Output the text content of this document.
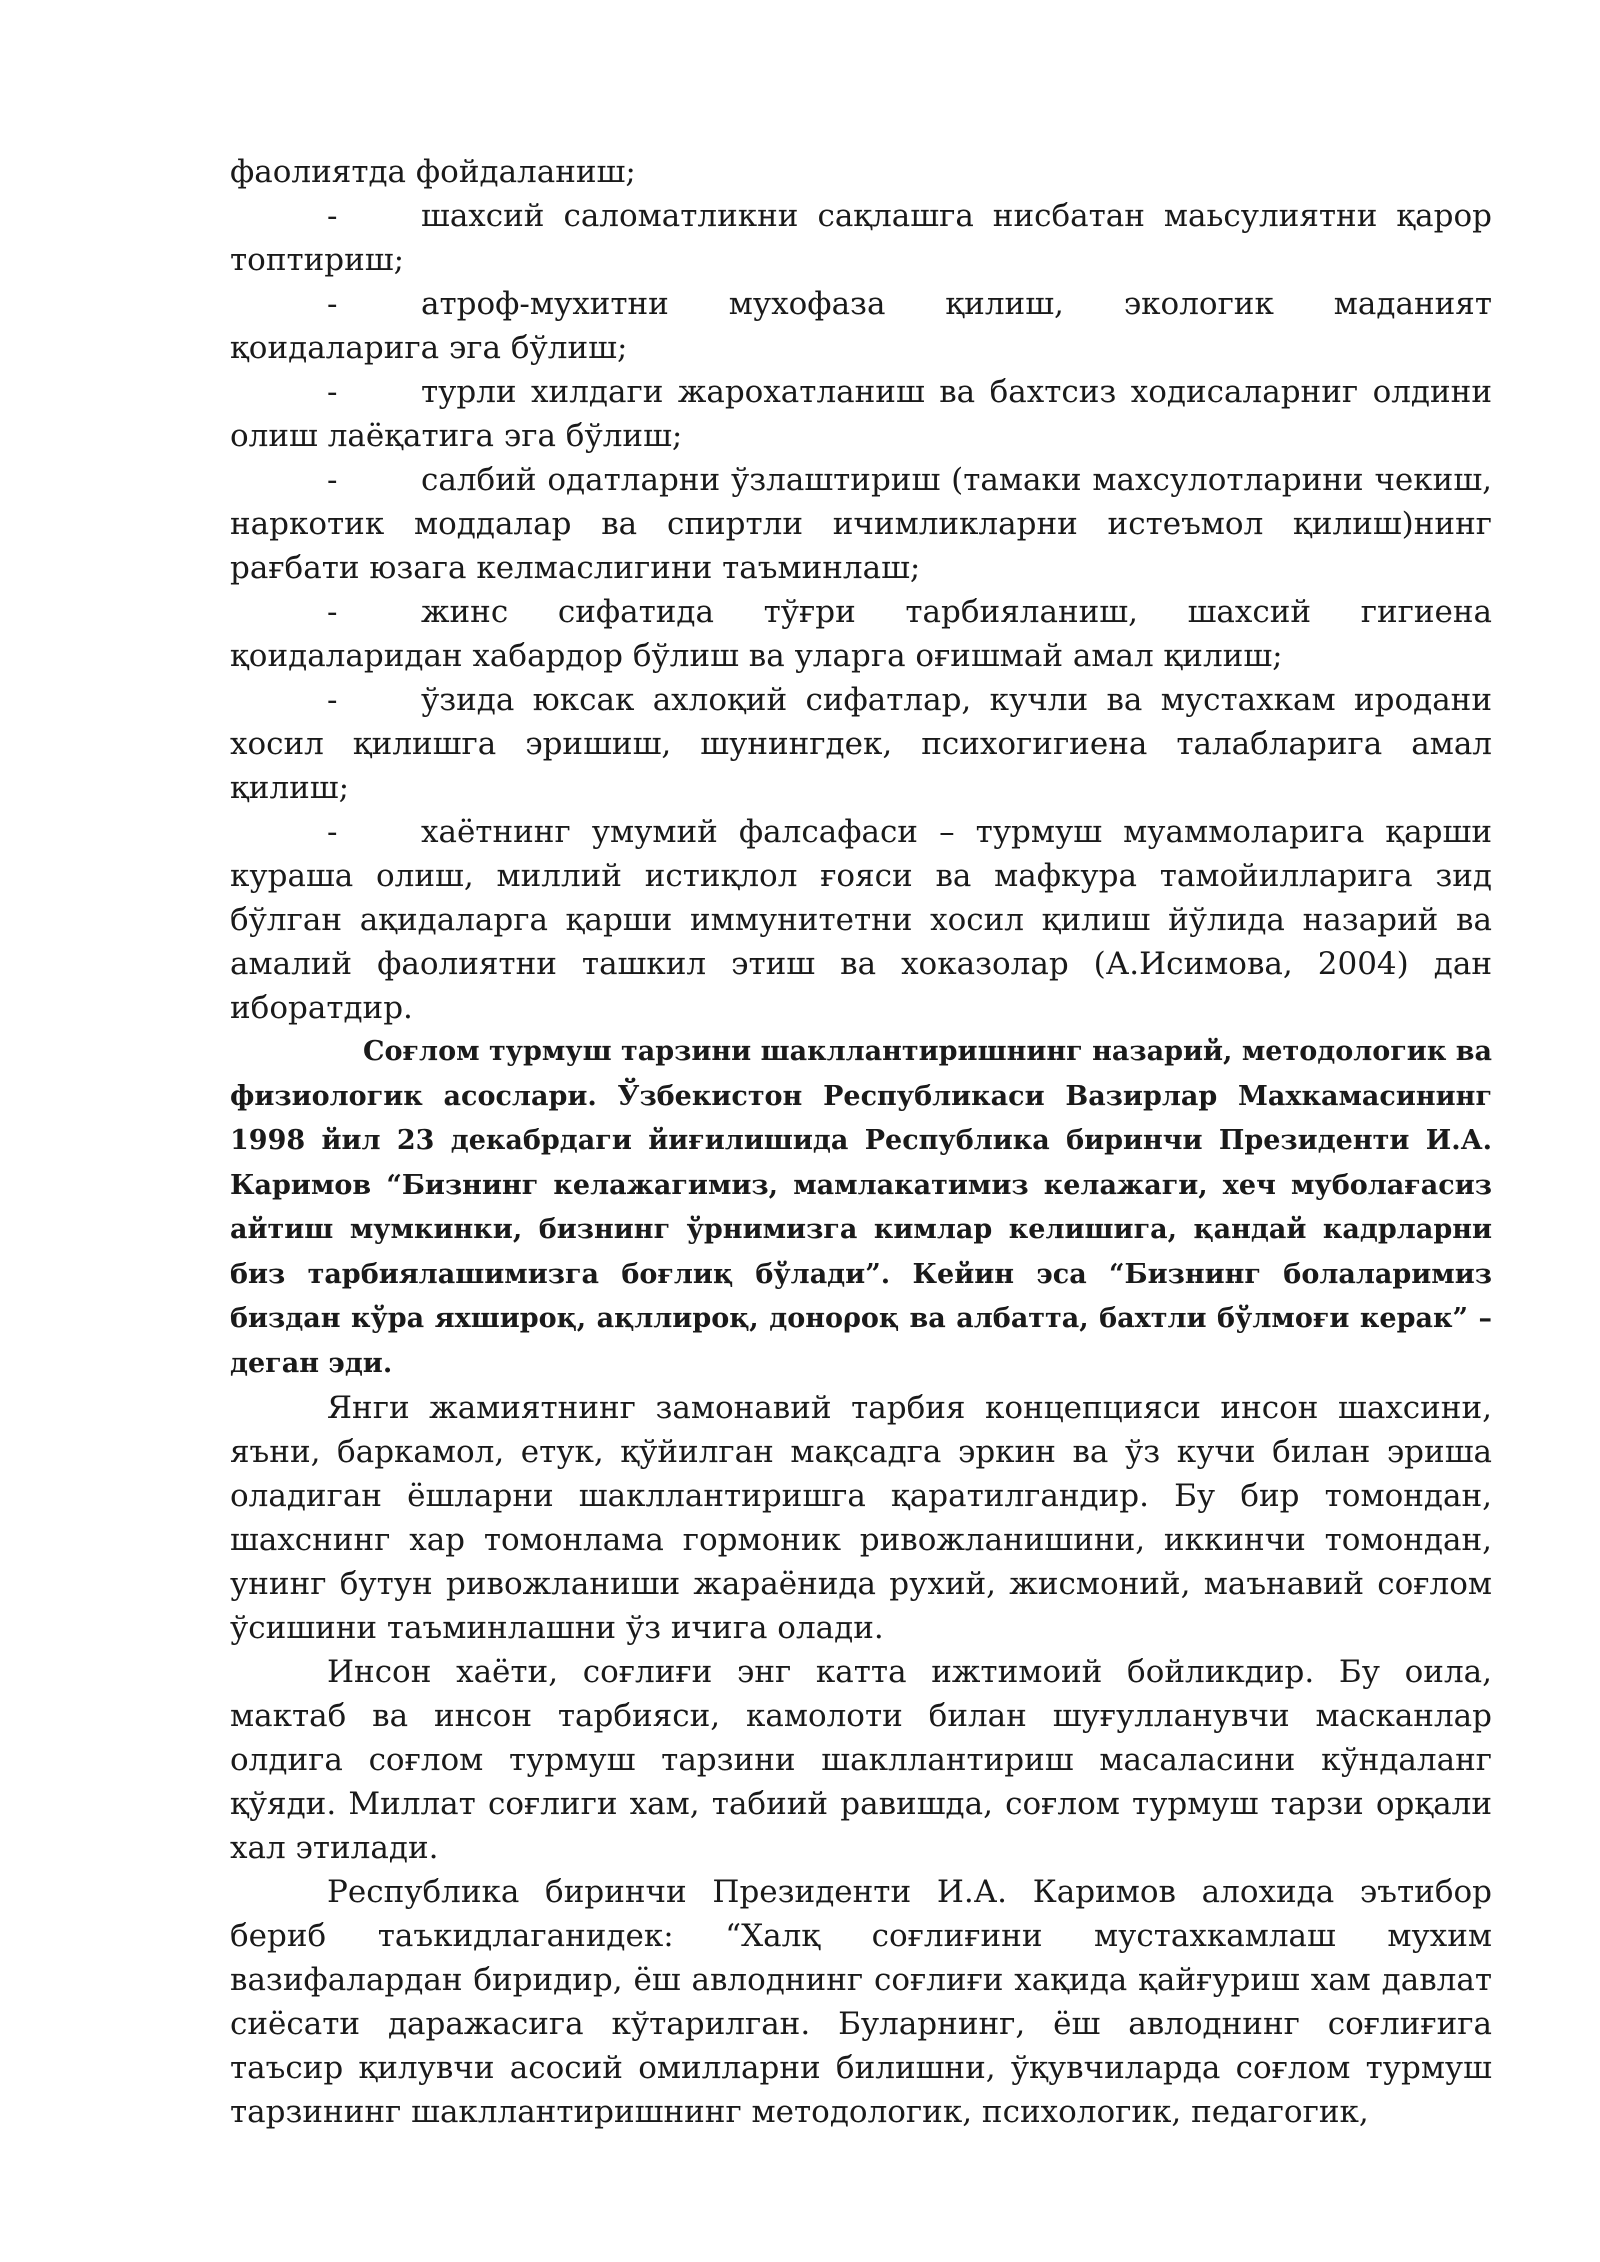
фаолиятда фойдаланиш;

-	шахсий саломатликни сақлашга нисбатан маьсулиятни қарор топтириш;

-	атроф-мухитни мухофаза қилиш, экологик маданият қоидаларига эга бўлиш;

-	турли хилдаги жарохатланиш ва бахтсиз ходисаларниг олдини олиш лаёқатига эга бўлиш;

-	салбий одатларни ўзлаштириш (тамаки махсулотларини чекиш, наркотик моддалар ва спиртли ичимликларни истеъмол қилиш)нинг рағбати юзага келмаслигини таъминлаш;

-	жинс сифатида тўғри тарбияланиш, шахсий гигиена қоидаларидан хабардор бўлиш ва уларга оғишмай амал қилиш;

-	ўзида юксак ахлоқий сифатлар, кучли ва мустахкам иродани хосил қилишга эришиш, шунингдек, психогигиена талабларига амал қилиш;

-	хаётнинг умумий фалсафаси – турмуш муаммоларига қарши кураша олиш, миллий истиқлол ғояси ва мафкура тамойилларига зид бўлган ақидаларга қарши иммунитетни хосил қилиш йўлида назарий ва амалий фаолиятни ташкил этиш ва хоказолар (А.Исимова, 2004) дан иборатдир.

Соғлом турмуш тарзини шакллантиришнинг назарий, методологик ва физиологик асослари. Ўзбекистон Республикаси Вазирлар Махкамасининг 1998 йил 23 декабрдаги йиғилишида Республика биринчи Президенти И.А. Каримов “Бизнинг келажагимиз, мамлакатимиз келажаги, хеч муболағасиз айтиш мумкинки, бизнинг ўрнимизга кимлар келишига, қандай кадрларни биз тарбиялашимизга боғлиқ бўлади”. Кейин эса “Бизнинг болаларимиз биздан кўра яхшироқ, ақллироқ, доноροқ ва албатта, бахтли бўлмоғи керак” – деган эди.

Янги жамиятнинг замонавий тарбия концепцияси инсон шахсини, яъни, баркамол, етук, қўйилган мақсадга эркин ва ўз кучи билан эриша оладиган ёшларни шакллантиришга қаратилгандир. Бу бир томондан, шахснинг хар томонлама гормоник ривожланишини, иккинчи томондан, унинг бутун ривожланиши жараёнида рухий, жисмоний, маънавий соғлом ўсишини таъминлашни ўз ичига олади.

Инсон хаёти, соғлиғи энг катта ижтимоий бойликдир. Бу оила, мактаб ва инсон тарбияси, камолоти билан шуғулланувчи масканлар олдига соғлом турмуш тарзини шакллантириш масаласини кўндаланг қўяди. Миллат соғлиги хам, табиий равишда, соғлом турмуш тарзи орқали хал этилади.

Республика биринчи Президенти И.А. Каримов алохида эътибор бериб таъкидлаганидек: “Халқ соғлиғини мустахкамлаш мухим вазифалардан биридир, ёш авлоднинг соғлиғи хақида қайғуриш хам давлат сиёсати даражасига кўтарилган. Буларнинг, ёш авлоднинг соғлиғига таъсир қилувчи асосий омилларни билишни, ўқувчиларда соғлом турмуш тарзининг шакллантиришнинг методологик, психологик, педагогик,
